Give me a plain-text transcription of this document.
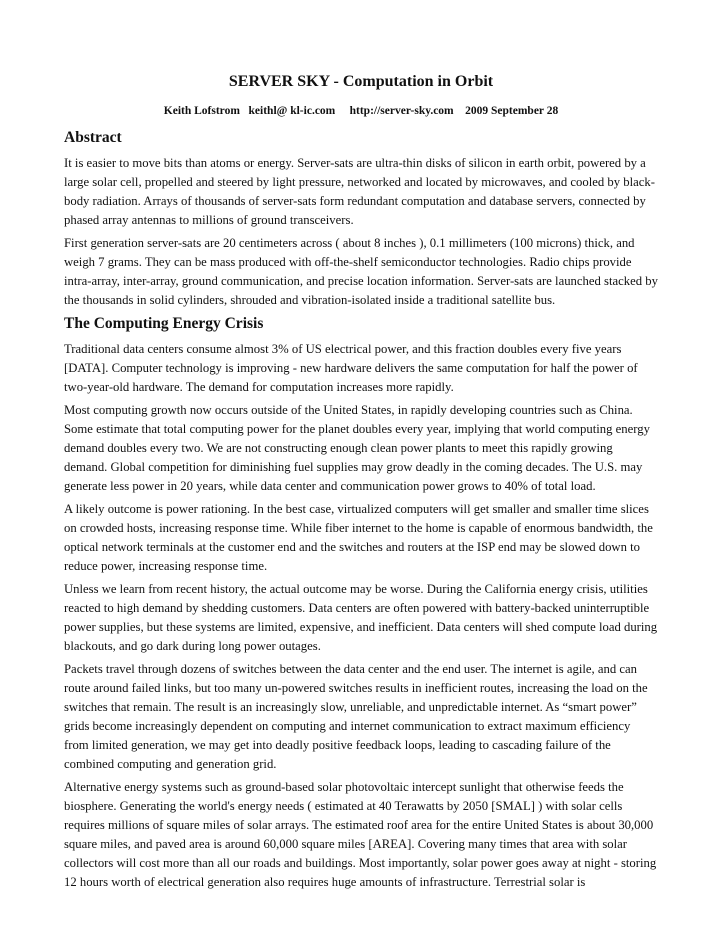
SERVER SKY - Computation in Orbit
Keith Lofstrom   keithl@ kl-ic.com     http://server-sky.com    2009 September 28
Abstract

It is easier to move bits than atoms or energy. Server-sats are ultra-thin disks of silicon in earth orbit, powered by a large solar cell, propelled and steered by light pressure, networked and located by microwaves, and cooled by black-body radiation. Arrays of thousands of server-sats form redundant computation and database servers, connected by phased array antennas to millions of ground transceivers.

First generation server-sats are 20 centimeters across ( about 8 inches ), 0.1 millimeters (100 microns) thick, and weigh 7 grams. They can be mass produced with off-the-shelf semiconductor technologies. Radio chips provide intra-array, inter-array, ground communication, and precise location information. Server-sats are launched stacked by the thousands in solid cylinders, shrouded and vibration-isolated inside a traditional satellite bus.

The Computing Energy Crisis

Traditional data centers consume almost 3% of US electrical power, and this fraction doubles every five years [DATA]. Computer technology is improving - new hardware delivers the same computation for half the power of two-year-old hardware. The demand for computation increases more rapidly.

Most computing growth now occurs outside of the United States, in rapidly developing countries such as China. Some estimate that total computing power for the planet doubles every year, implying that world computing energy demand doubles every two. We are not constructing enough clean power plants to meet this rapidly growing demand. Global competition for diminishing fuel supplies may grow deadly in the coming decades. The U.S. may generate less power in 20 years, while data center and communication power grows to 40% of total load.

A likely outcome is power rationing. In the best case, virtualized computers will get smaller and smaller time slices on crowded hosts, increasing response time. While fiber internet to the home is capable of enormous bandwidth, the optical network terminals at the customer end and the switches and routers at the ISP end may be slowed down to reduce power, increasing response time.

Unless we learn from recent history, the actual outcome may be worse. During the California energy crisis, utilities reacted to high demand by shedding customers. Data centers are often powered with battery-backed uninterruptible power supplies, but these systems are limited, expensive, and inefficient. Data centers will shed compute load during blackouts, and go dark during long power outages.

Packets travel through dozens of switches between the data center and the end user. The internet is agile, and can route around failed links, but too many un-powered switches results in inefficient routes, increasing the load on the switches that remain. The result is an increasingly slow, unreliable, and unpredictable internet. As “smart power” grids become increasingly dependent on computing and internet communication to extract maximum efficiency from limited generation, we may get into deadly positive feedback loops, leading to cascading failure of the combined computing and generation grid.

Alternative energy systems such as ground-based solar photovoltaic intercept sunlight that otherwise feeds the biosphere. Generating the world's energy needs ( estimated at 40 Terawatts by 2050 [SMAL] ) with solar cells requires millions of square miles of solar arrays. The estimated roof area for the entire United States is about 30,000 square miles, and paved area is around 60,000 square miles [AREA]. Covering many times that area with solar collectors will cost more than all our roads and buildings. Most importantly, solar power goes away at night - storing 12 hours worth of electrical generation also requires huge amounts of infrastructure. Terrestrial solar is
